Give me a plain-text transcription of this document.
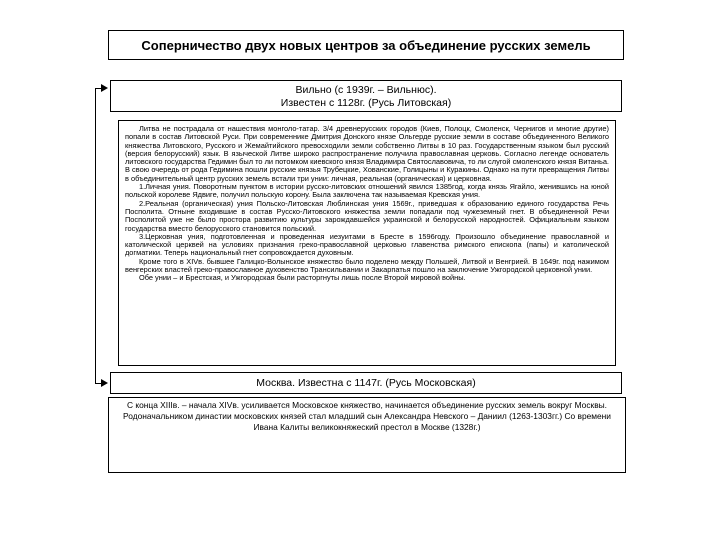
Соперничество двух новых центров за объединение русских земель
Вильно (с 1939г. – Вильнюс).
Известен с 1128г. (Русь Литовская)

Литва не пострадала от нашествия монголо-татар. 3/4 древнерусских городов (Киев, Полоцк, Смоленск, Чернигов и многие другие) попали в состав Литовской Руси. При современнике Дмитрия Донского князе Ольгерде русские земли в составе объединенного Великого княжества Литовского, Русского и Жемайтийского превосходили земли собственно Литвы в 10 раз. Государственным языком был русский (версия белорусский) язык. В языческой Литве широко распространение получила православная церковь. Согласно легенде основатель литовского государства Гедимин был то ли потомком киевского князя Владимира Святославовича, то ли слугой смоленского князя Витаньа. В свою очередь от рода Гедимина пошли русские князья Трубецкие, Хованские, Голицыны и Куракины. Однако на пути превращения Литвы в объединительный центр русских земель встали три унии: личная, реальная (органическая) и церковная.

1.Личная уния. Поворотным пунктом в истории русско-литовских отношений явился 1385год, когда князь Ягайло, женившись на юной польской королеве Ядвиге, получил польскую корону. Была заключена так называемая Кревская уния.

2.Реальная (органическая) уния Польско-Литовская Люблинская уния 1569г., приведшая к образованию единого государства Речь Посполита. Отныне входившие в состав Русско-Литовского княжества земли попадали под чужеземный гнет. В объединенной Речи Посполитой уже не было простора развитию культуры зарождавшейся украинской и белорусской народностей. Официальным языком государства вместо белорусского становится польский.

3.Церковная уния, подготовленная и проведенная иезуитами в Бресте в 1596году. Произошло объединение православной и католической церквей на условиях признания греко-православной церковью главенства римского епископа (папы) и католической догматики. Теперь национальный гнет сопровождается духовным.

Кроме того в XIVв. бывшее Галицко-Волынское княжество было поделено между Польшей, Литвой и Венгрией. В 1649г. под нажимом венгерских властей греко-православное духовенство Трансильвании и Закарпатья пошло на заключение Ужгородской церковной унии.

Обе унии – и Брестская, и Ужгородская были расторгнуты лишь после Второй мировой войны.

Москва. Известна с 1147г. (Русь Московская)

С конца XIIIв. – начала XIVв. усиливается Московское княжество, начинается объединение русских земель вокруг Москвы. Родоначальником династии московских князей стал младший сын Александра Невского – Даниил (1263-1303гг.) Со времени Ивана Калиты великокняжеский престол в Москве (1328г.)
